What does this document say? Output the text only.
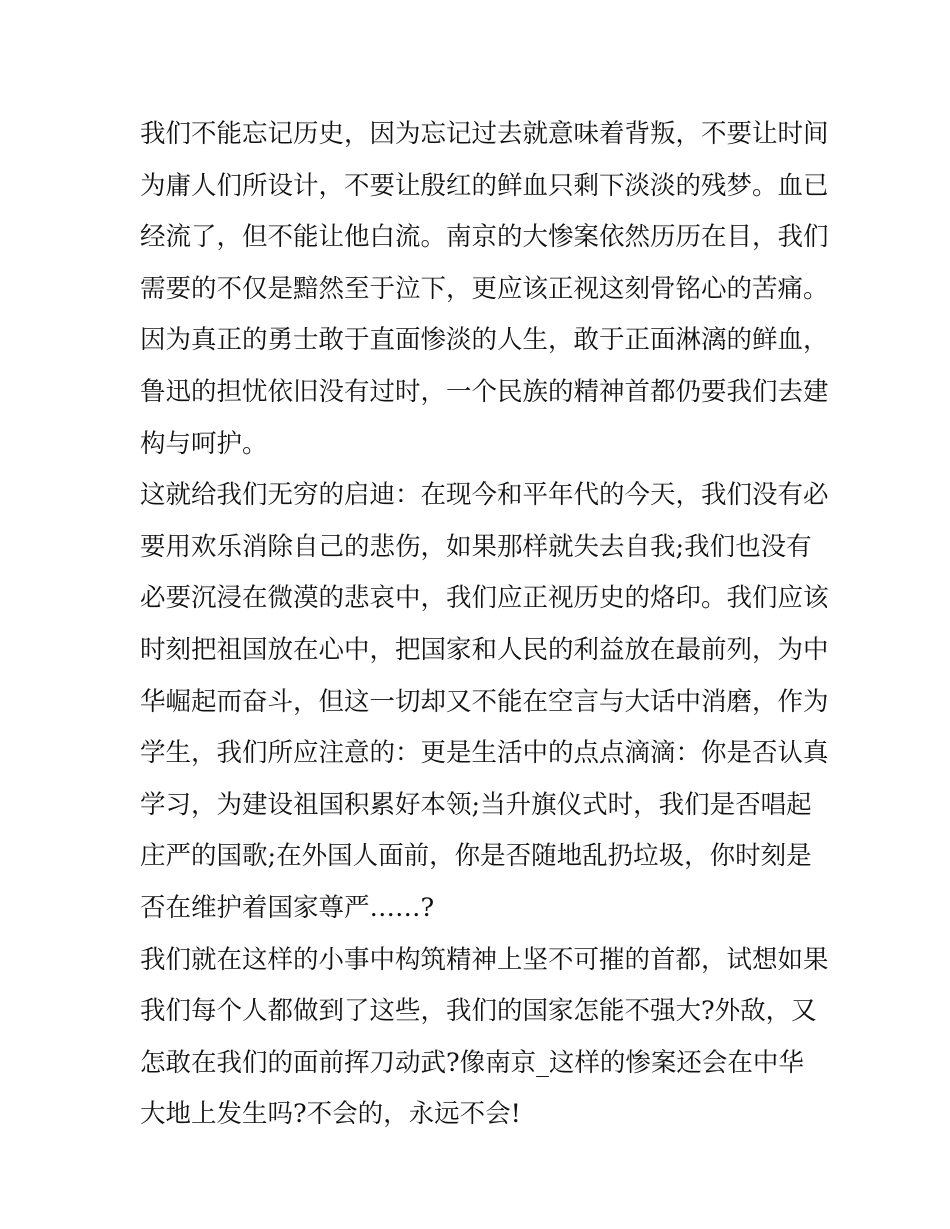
我们不能忘记历史，因为忘记过去就意味着背叛，不要让时间
为庸人们所设计，不要让殷红的鲜血只剩下淡淡的残梦。血已
经流了，但不能让他白流。南京的大惨案依然历历在目，我们
需要的不仅是黯然至于泣下，更应该正视这刻骨铭心的苦痛。
因为真正的勇士敢于直面惨淡的人生，敢于正面淋漓的鲜血，
鲁迅的担忧依旧没有过时，一个民族的精神首都仍要我们去建
构与呵护。
这就给我们无穷的启迪：在现今和平年代的今天，我们没有必
要用欢乐消除自己的悲伤，如果那样就失去自我;我们也没有
必要沉浸在微漠的悲哀中，我们应正视历史的烙印。我们应该
时刻把祖国放在心中，把国家和人民的利益放在最前列，为中
华崛起而奋斗，但这一切却又不能在空言与大话中消磨，作为
学生，我们所应注意的：更是生活中的点点滴滴：你是否认真
学习，为建设祖国积累好本领;当升旗仪式时，我们是否唱起
庄严的国歌;在外国人面前，你是否随地乱扔垃圾，你时刻是
否在维护着国家尊严……?
我们就在这样的小事中构筑精神上坚不可摧的首都，试想如果
我们每个人都做到了这些，我们的国家怎能不强大?外敌，又
怎敢在我们的面前挥刀动武?像南京_这样的惨案还会在中华
大地上发生吗?不会的，永远不会!
